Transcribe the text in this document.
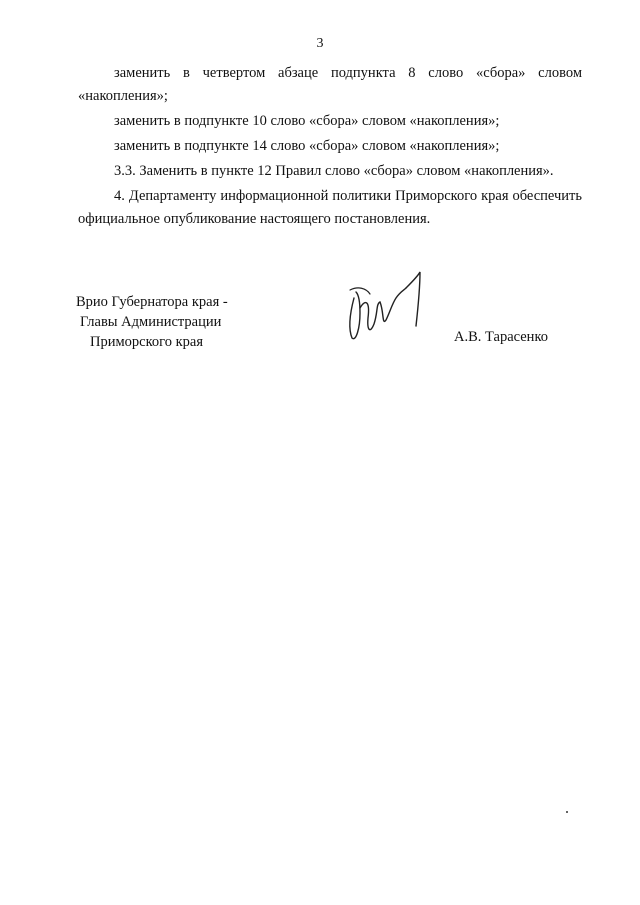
3

заменить в четвертом абзаце подпункта 8 слово «сбора» словом «накопления»;

заменить в подпункте 10 слово «сбора» словом «накопления»;

заменить в подпункте 14 слово «сбора» словом «накопления»;

3.3. Заменить в пункте 12 Правил слово «сбора» словом «накопления».

4. Департаменту информационной политики Приморского края обеспечить официальное опубликование настоящего постановления.

Врио Губернатора края -
Главы Администрации
Приморского края	А.В. Тарасенко
